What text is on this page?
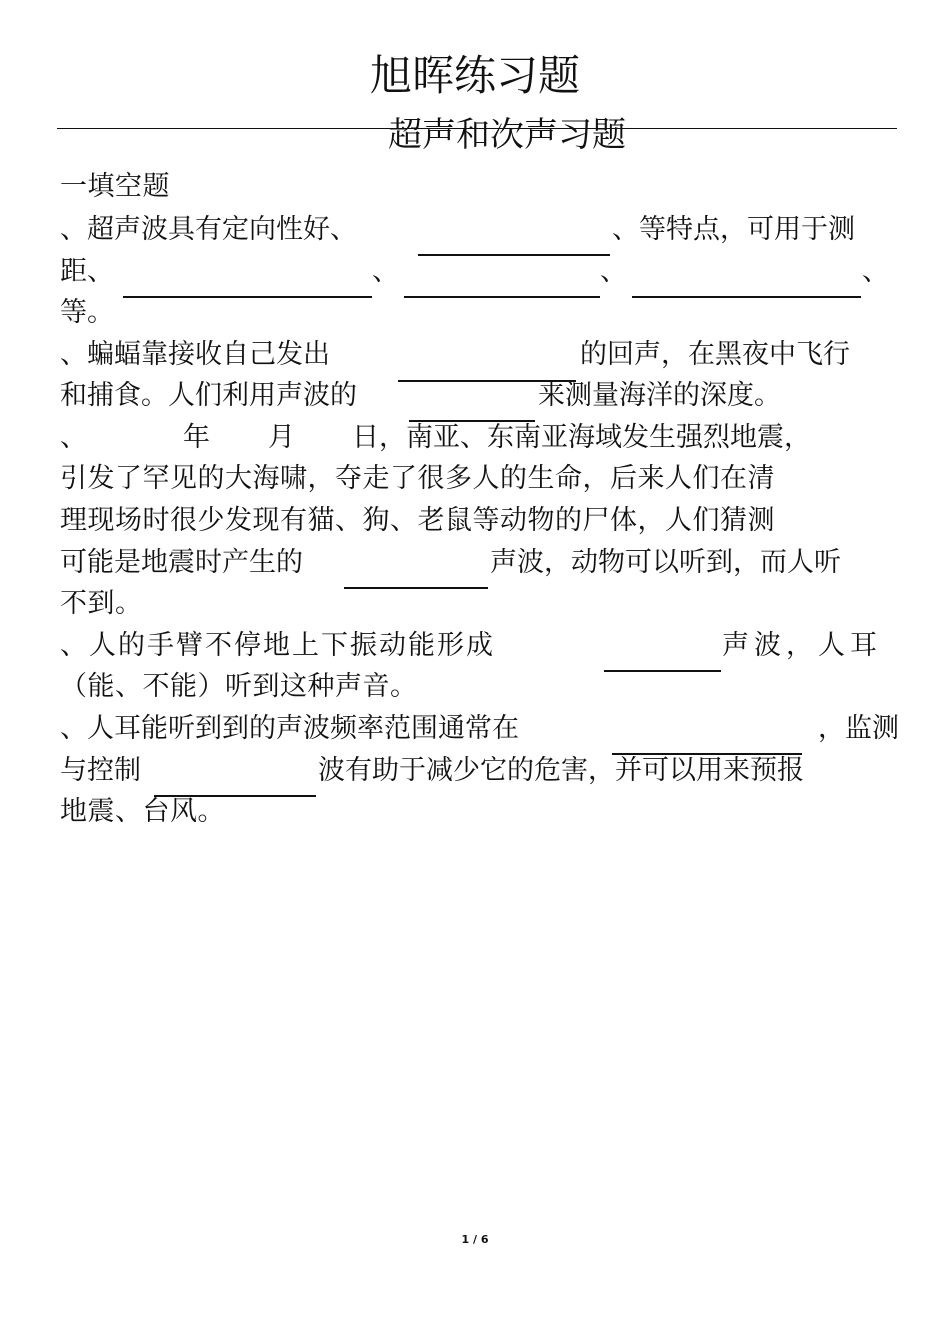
旭晖练习题
超声和次声习题
一填空题
、超声波具有定向性好、	、等特点，可用于测
距、	、	、	、
等。
、蝙蝠靠接收自己发出	的回声，在黑夜中飞行
和捕食。人们利用声波的	来测量海洋的深度。
、	年 月 日，南亚、东南亚海域发生强烈地震，
引发了罕见的大海啸，夺走了很多人的生命，后来人们在清
理现场时很少发现有猫、狗、老鼠等动物的尸体，人们猜测
可能是地震时产生的	声波，动物可以听到，而人听
不到。
、人的手臂不停地上下振动能形成	声波，人耳
（能、不能）听到这种声音。
、人耳能听到到的声波频率范围通常在	，监测
与控制	波有助于减少它的危害，并可以用来预报
地震、台风。
1 / 6
